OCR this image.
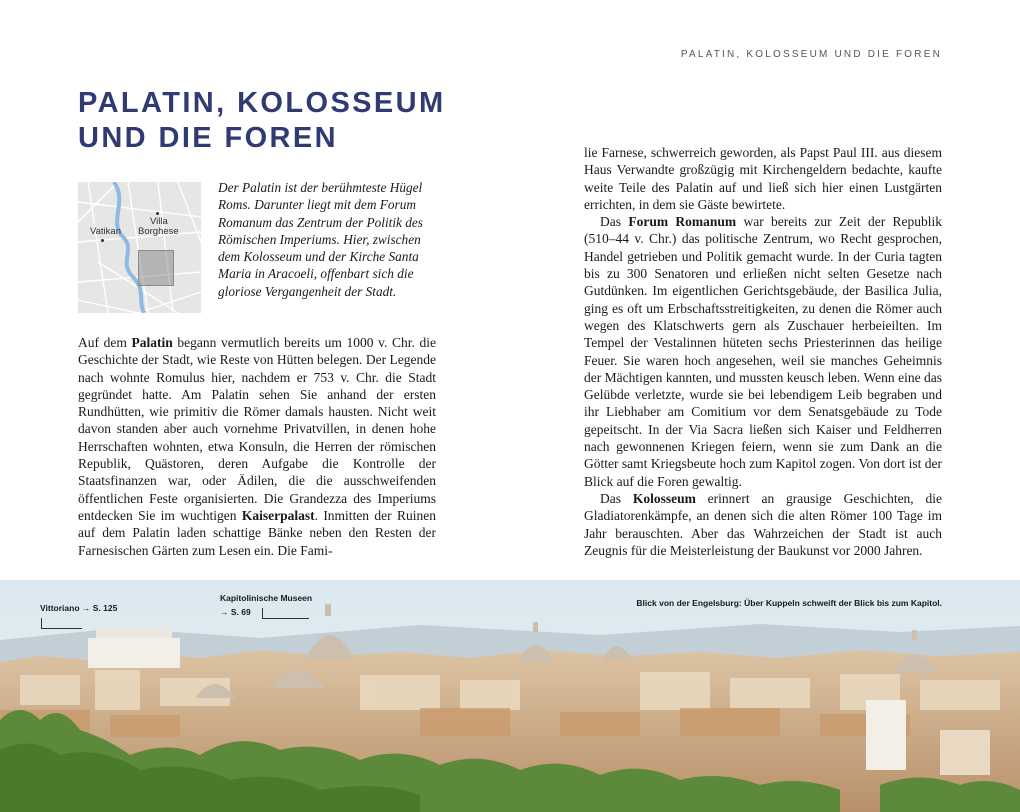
PALATIN, KOLOSSEUM UND DIE FOREN
PALATIN, KOLOSSEUM
UND DIE FOREN
Villa
Borghese
Vatikan

Der Palatin ist der berühmteste Hügel Roms. Darunter liegt mit dem Forum Romanum das Zentrum der Politik des Römischen Imperiums. Hier, zwischen dem Kolosseum und der Kirche Santa Maria in Aracoeli, offenbart sich die gloriose Vergangenheit der Stadt.

Auf dem Palatin begann vermutlich bereits um 1000 v. Chr. die Geschichte der Stadt, wie Reste von Hütten belegen. Der Legende nach wohnte Romulus hier, nachdem er 753 v. Chr. die Stadt gegründet hatte. Am Palatin sehen Sie anhand der ersten Rundhütten, wie primitiv die Römer damals hausten. Nicht weit davon standen aber auch vornehme Privatvillen, in denen hohe Herrschaften wohnten, etwa Konsuln, die Herren der römischen Republik, Quästoren, deren Aufgabe die Kontrolle der Staatsfinanzen war, oder Ädilen, die die ausschweifenden öffentlichen Feste organisierten. Die Grandezza des Imperiums entdecken Sie im wuchtigen Kaiserpalast. Inmitten der Ruinen auf dem Palatin laden schattige Bänke neben den Resten der Farnesischen Gärten zum Lesen ein. Die Fami-

lie Farnese, schwerreich geworden, als Papst Paul III. aus diesem Haus Verwandte großzügig mit Kirchengeldern bedachte, kaufte weite Teile des Palatin auf und ließ sich hier einen Lustgärten errichten, in dem sie Gäste bewirtete.

Das Forum Romanum war bereits zur Zeit der Republik (510–44 v. Chr.) das politische Zentrum, wo Recht gesprochen, Handel getrieben und Politik gemacht wurde. In der Curia tagten bis zu 300 Senatoren und erließen nicht selten Gesetze nach Gutdünken. Im eigentlichen Gerichtsgebäude, der Basilica Julia, ging es oft um Erbschaftsstreitigkeiten, zu denen die Römer auch wegen des Klatschwerts gern als Zuschauer herbeieilten. Im Tempel der Vestalinnen hüteten sechs Priesterinnen das heilige Feuer. Sie waren hoch angesehen, weil sie manches Geheimnis der Mächtigen kannten, und mussten keusch leben. Wenn eine das Gelübde verletzte, wurde sie bei lebendigem Leib begraben und ihr Liebhaber am Comitium vor dem Senatsgebäude zu Tode gepeitscht. In der Via Sacra ließen sich Kaiser und Feldherren nach gewonnenen Kriegen feiern, wenn sie zum Dank an die Götter samt Kriegsbeute hoch zum Kapitol zogen. Von dort ist der Blick auf die Foren gewaltig.

Das Kolosseum erinnert an grausige Geschichten, die Gladiatorenkämpfe, an denen sich die alten Römer 100 Tage im Jahr berauschten. Aber das Wahrzeichen der Stadt ist auch Zeugnis für die Meisterleistung der Baukunst vor 2000 Jahren.

Vittoriano → S. 125
Kapitolinische Museen
→ S. 69
Blick von der Engelsburg: Über Kuppeln schweift der Blick bis zum Kapitol.
